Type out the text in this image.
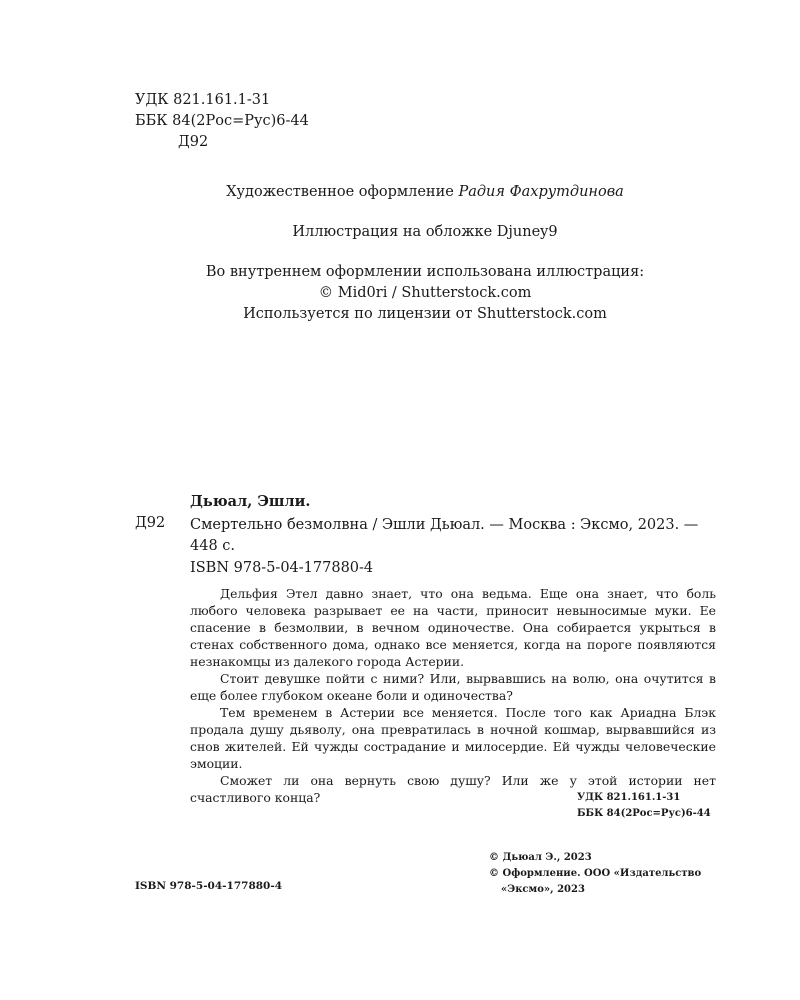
УДК 821.161.1-31
ББК 84(2Рос=Рус)6-44
Д92
Художественное оформление Радия Фахрутдинова
Иллюстрация на обложке Djuney9
Во внутреннем оформлении использована иллюстрация:
© Mid0ri / Shutterstock.com
Используется по лицензии от Shutterstock.com
Дьюал, Эшли.
Д92 Смертельно безмолвна / Эшли Дьюал. — Москва : Эксмо, 2023. — 448 с.
ISBN 978-5-04-177880-4

Дельфия Этел давно знает, что она ведьма. Еще она знает, что боль любого человека разрывает ее на части, приносит невыносимые муки. Ее спасение в безмолвии, в вечном одиночестве. Она собирается укрыться в стенах собственного дома, однако все меняется, когда на пороге появляются незнакомцы из далекого города Астерии.

Стоит девушке пойти с ними? Или, вырвавшись на волю, она очутится в еще более глубоком океане боли и одиночества?

Тем временем в Астерии все меняется. После того как Ариадна Блэк продала душу дьяволу, она превратилась в ночной кошмар, вырвавшийся из снов жителей. Ей чужды сострадание и милосердие. Ей чужды человеческие эмоции.

Сможет ли она вернуть свою душу? Или же у этой истории нет счастливого конца?	УДК 821.161.1-31
ББК 84(2Рос=Рус)6-44
ISBN 978-5-04-177880-4
© Дьюал Э., 2023
© Оформление. ООО «Издательство
«Эксмо», 2023
